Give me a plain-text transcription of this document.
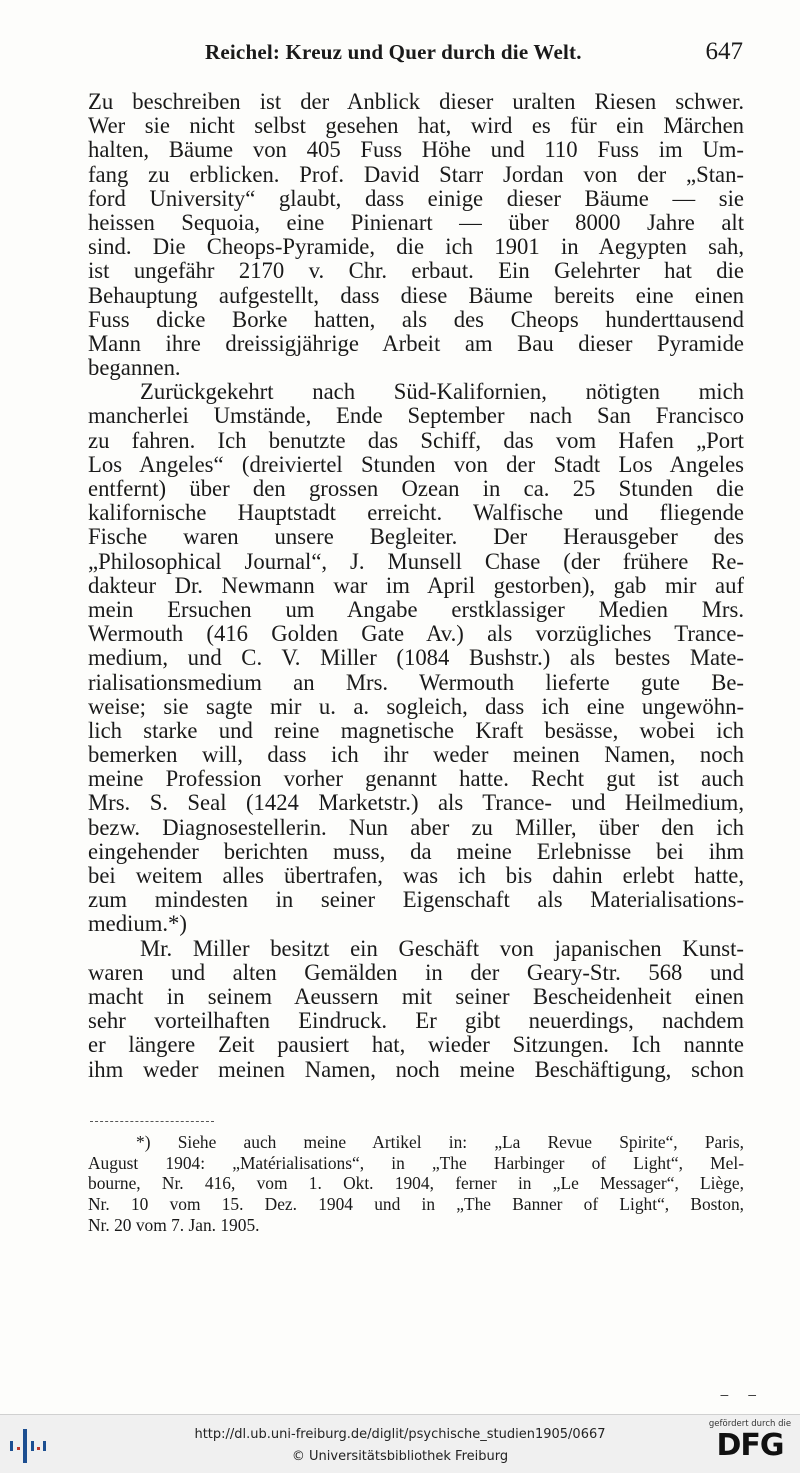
Reichel: Kreuz und Quer durch die Welt.	647
Zu beschreiben ist der Anblick dieser uralten Riesen schwer.
Wer sie nicht selbst gesehen hat, wird es für ein Märchen
halten, Bäume von 405 Fuss Höhe und 110 Fuss im Um-
fang zu erblicken. Prof. David Starr Jordan von der „Stan-
ford University“ glaubt, dass einige dieser Bäume — sie
heissen Sequoia, eine Pinienart — über 8000 Jahre alt
sind. Die Cheops-Pyramide, die ich 1901 in Aegypten sah,
ist ungefähr 2170 v. Chr. erbaut. Ein Gelehrter hat die
Behauptung aufgestellt, dass diese Bäume bereits eine einen
Fuss dicke Borke hatten, als des Cheops hunderttausend
Mann ihre dreissigjährige Arbeit am Bau dieser Pyramide
begannen.
Zurückgekehrt nach Süd-Kalifornien, nötigten mich
mancherlei Umstände, Ende September nach San Francisco
zu fahren. Ich benutzte das Schiff, das vom Hafen „Port
Los Angeles“ (dreiviertel Stunden von der Stadt Los Angeles
entfernt) über den grossen Ozean in ca. 25 Stunden die
kalifornische Hauptstadt erreicht. Walfische und fliegende
Fische waren unsere Begleiter. Der Herausgeber des
„Philosophical Journal“, J. Munsell Chase (der frühere Re-
dakteur Dr. Newmann war im April gestorben), gab mir auf
mein Ersuchen um Angabe erstklassiger Medien Mrs.
Wermouth (416 Golden Gate Av.) als vorzügliches Trance-
medium, und C. V. Miller (1084 Bushstr.) als bestes Mate-
rialisationsmedium an Mrs. Wermouth lieferte gute Be-
weise; sie sagte mir u. a. sogleich, dass ich eine ungewöhn-
lich starke und reine magnetische Kraft besässe, wobei ich
bemerken will, dass ich ihr weder meinen Namen, noch
meine Profession vorher genannt hatte. Recht gut ist auch
Mrs. S. Seal (1424 Marketstr.) als Trance- und Heilmedium,
bezw. Diagnosestellerin. Nun aber zu Miller, über den ich
eingehender berichten muss, da meine Erlebnisse bei ihm
bei weitem alles übertrafen, was ich bis dahin erlebt hatte,
zum mindesten in seiner Eigenschaft als Materialisations-
medium.*)
Mr. Miller besitzt ein Geschäft von japanischen Kunst-
waren und alten Gemälden in der Geary-Str. 568 und
macht in seinem Aeussern mit seiner Bescheidenheit einen
sehr vorteilhaften Eindruck. Er gibt neuerdings, nachdem
er längere Zeit pausiert hat, wieder Sitzungen. Ich nannte
ihm weder meinen Namen, noch meine Beschäftigung, schon
*) Siehe auch meine Artikel in: „La Revue Spirite“, Paris,
August 1904: „Matérialisations“, in „The Harbinger of Light“, Mel-
bourne, Nr. 416, vom 1. Okt. 1904, ferner in „Le Messager“, Liège,
Nr. 10 vom 15. Dez. 1904 und in „The Banner of Light“, Boston,
Nr. 20 vom 7. Jan. 1905.
– –
http://dl.ub.uni-freiburg.de/diglit/psychische_studien1905/0667
© Universitätsbibliothek Freiburg
gefördert durch die
DFG
